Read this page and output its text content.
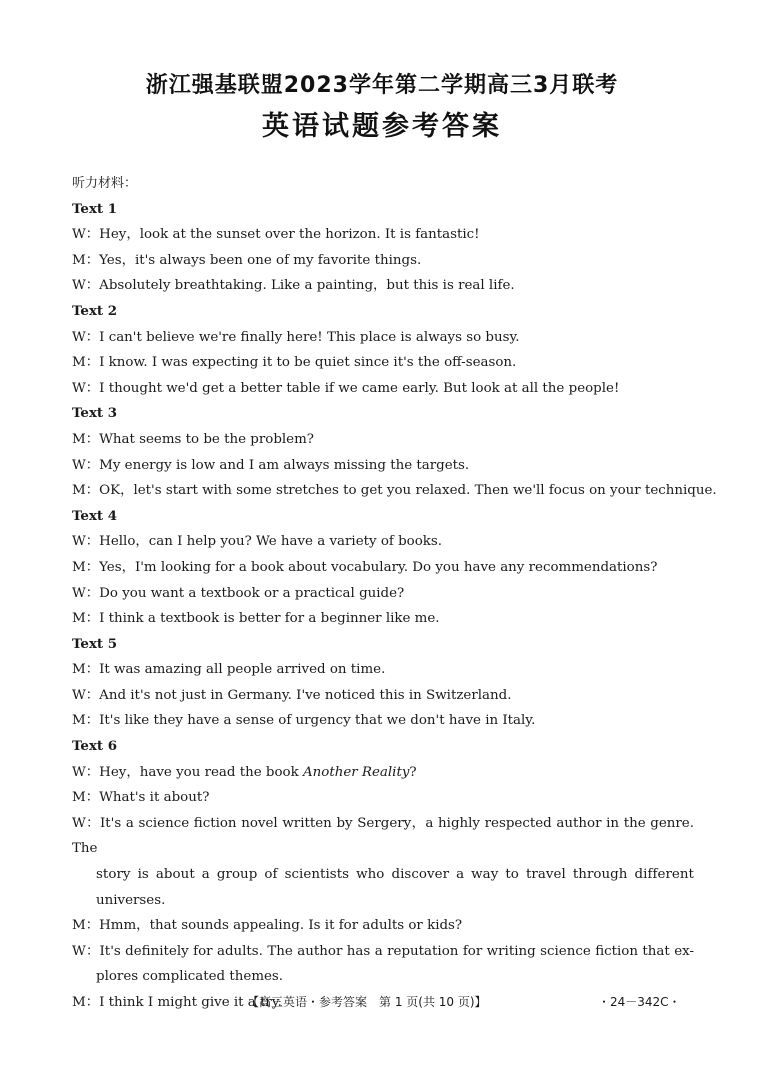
浙江强基联盟2023学年第二学期高三3月联考
英语试题参考答案
听力材料：
Text 1
W：Hey，look at the sunset over the horizon. It is fantastic!
M：Yes，it's always been one of my favorite things.
W：Absolutely breathtaking. Like a painting，but this is real life.
Text 2
W：I can't believe we're finally here! This place is always so busy.
M：I know. I was expecting it to be quiet since it's the off-season.
W：I thought we'd get a better table if we came early. But look at all the people!
Text 3
M：What seems to be the problem?
W：My energy is low and I am always missing the targets.
M：OK，let's start with some stretches to get you relaxed. Then we'll focus on your technique.
Text 4
W：Hello，can I help you? We have a variety of books.
M：Yes，I'm looking for a book about vocabulary. Do you have any recommendations?
W：Do you want a textbook or a practical guide?
M：I think a textbook is better for a beginner like me.
Text 5
M：It was amazing all people arrived on time.
W：And it's not just in Germany. I've noticed this in Switzerland.
M：It's like they have a sense of urgency that we don't have in Italy.
Text 6
W：Hey，have you read the book Another Reality?
M：What's it about?
W：It's a science fiction novel written by Sergery，a highly respected author in the genre. The
story is about a group of scientists who discover a way to travel through different
universes.
M：Hmm，that sounds appealing. Is it for adults or kids?
W：It's definitely for adults. The author has a reputation for writing science fiction that ex-
plores complicated themes.
M：I think I might give it a try.
【高三英语・参考答案　第 1 页(共 10 页)】	・24－342C・
